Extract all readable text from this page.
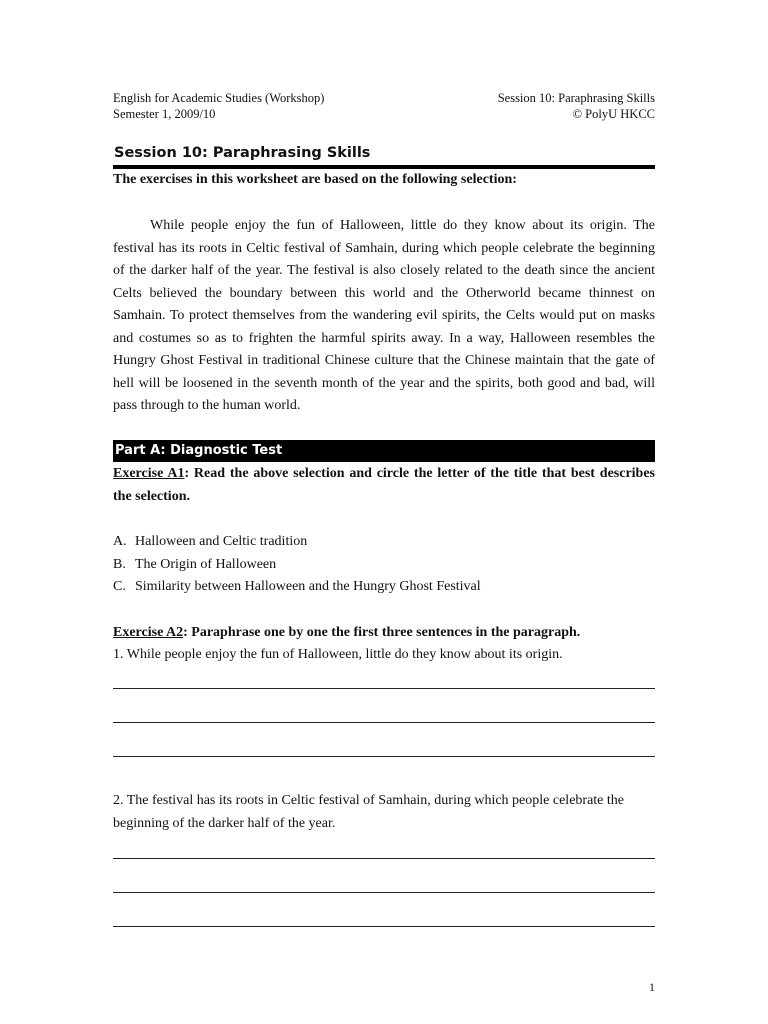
English for Academic Studies (Workshop)
Semester 1, 2009/10
Session 10: Paraphrasing Skills
© PolyU HKCC
Session 10: Paraphrasing Skills
The exercises in this worksheet are based on the following selection:
While people enjoy the fun of Halloween, little do they know about its origin. The festival has its roots in Celtic festival of Samhain, during which people celebrate the beginning of the darker half of the year. The festival is also closely related to the death since the ancient Celts believed the boundary between this world and the Otherworld became thinnest on Samhain. To protect themselves from the wandering evil spirits, the Celts would put on masks and costumes so as to frighten the harmful spirits away. In a way, Halloween resembles the Hungry Ghost Festival in traditional Chinese culture that the Chinese maintain that the gate of hell will be loosened in the seventh month of the year and the spirits, both good and bad, will pass through to the human world.
Part A: Diagnostic Test
Exercise A1: Read the above selection and circle the letter of the title that best describes the selection.
A. Halloween and Celtic tradition
B. The Origin of Halloween
C. Similarity between Halloween and the Hungry Ghost Festival
Exercise A2: Paraphrase one by one the first three sentences in the paragraph.
1. While people enjoy the fun of Halloween, little do they know about its origin.
2. The festival has its roots in Celtic festival of Samhain, during which people celebrate the beginning of the darker half of the year.
1
